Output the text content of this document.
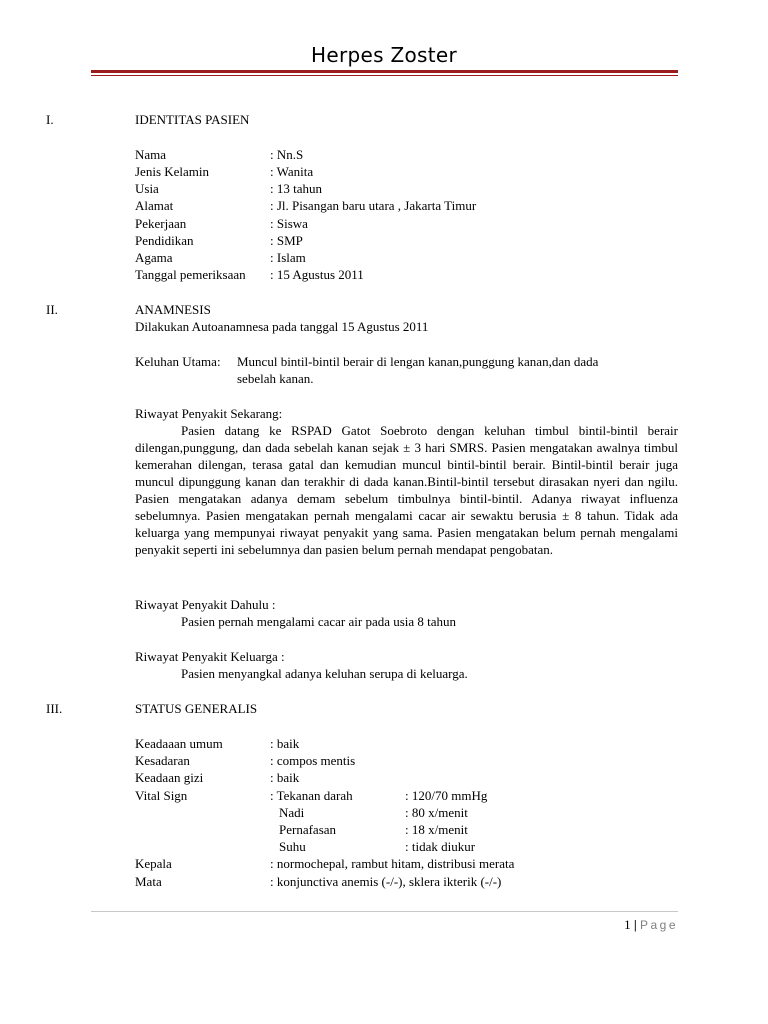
Herpes Zoster
I.	IDENTITAS PASIEN
Nama	: Nn.S
Jenis Kelamin	: Wanita
Usia	: 13 tahun
Alamat	: Jl. Pisangan baru utara , Jakarta Timur
Pekerjaan	: Siswa
Pendidikan	: SMP
Agama	: Islam
Tanggal pemeriksaan : 15 Agustus 2011
II.	ANAMNESIS
Dilakukan Autoanamnesa pada tanggal 15 Agustus 2011
Keluhan Utama: Muncul bintil-bintil berair di lengan kanan,punggung kanan,dan dada
sebelah kanan.
Riwayat Penyakit Sekarang:
Pasien datang ke RSPAD Gatot Soebroto dengan keluhan timbul bintil-bintil berair dilengan,punggung, dan dada sebelah kanan sejak ± 3 hari SMRS. Pasien mengatakan awalnya timbul kemerahan dilengan, terasa gatal dan kemudian muncul bintil-bintil berair. Bintil-bintil berair juga muncul dipunggung kanan dan terakhir di dada kanan.Bintil-bintil tersebut dirasakan nyeri dan ngilu. Pasien mengatakan adanya demam sebelum timbulnya bintil-bintil. Adanya riwayat influenza sebelumnya. Pasien mengatakan pernah mengalami cacar air sewaktu berusia ± 8 tahun. Tidak ada keluarga yang mempunyai riwayat penyakit yang sama. Pasien mengatakan belum pernah mengalami penyakit seperti ini sebelumnya dan pasien belum pernah mendapat pengobatan.
Riwayat Penyakit Dahulu :
Pasien pernah mengalami cacar air pada usia 8 tahun
Riwayat Penyakit Keluarga :
Pasien menyangkal adanya keluhan serupa di keluarga.
III.	STATUS GENERALIS
Keadaaan umum	: baik
Kesadaran	: compos mentis
Keadaan gizi	: baik
Vital Sign	: Tekanan darah	: 120/70 mmHg
Nadi	: 80 x/menit
Pernafasan	: 18 x/menit
Suhu	: tidak diukur
Kepala	: normochepal, rambut hitam, distribusi merata
Mata	: konjunctiva anemis (-/-), sklera ikterik (-/-)
1 | Page
